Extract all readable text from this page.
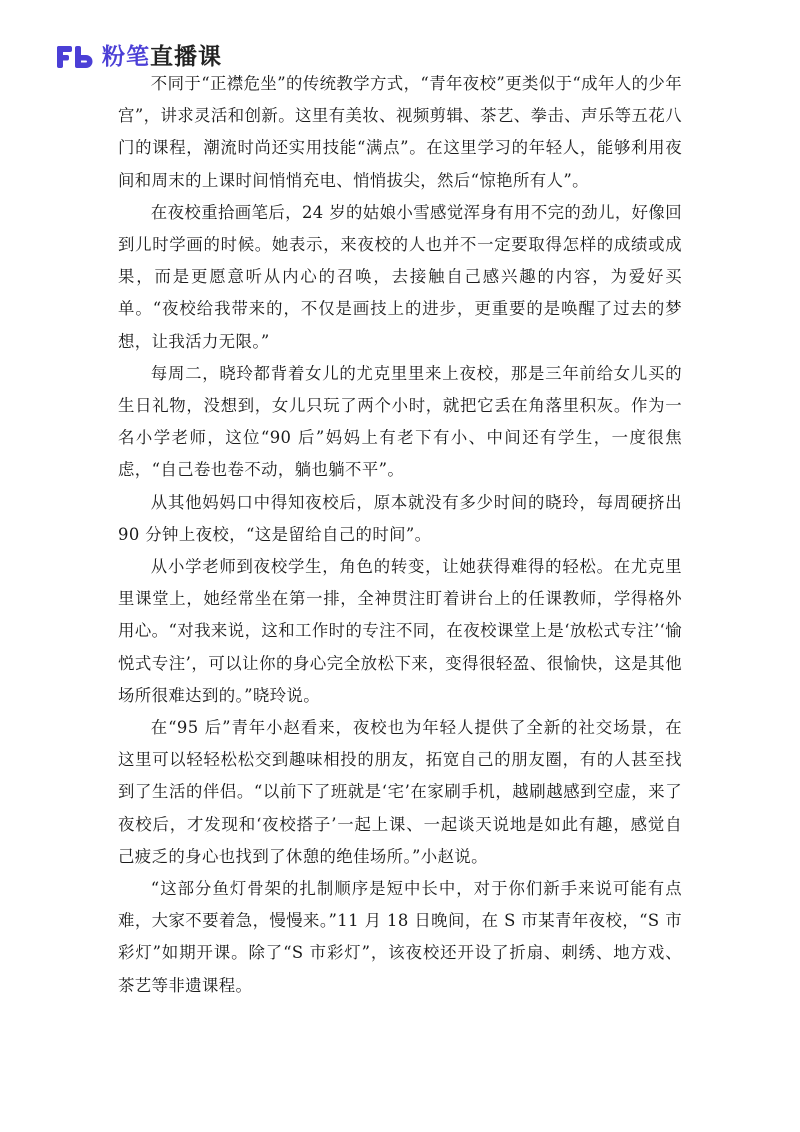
粉笔直播课

不同于“正襟危坐”的传统教学方式，“青年夜校”更类似于“成年人的少年宫”，讲求灵活和创新。这里有美妆、视频剪辑、茶艺、拳击、声乐等五花八门的课程，潮流时尚还实用技能“满点”。在这里学习的年轻人，能够利用夜间和周末的上课时间悄悄充电、悄悄拔尖，然后“惊艳所有人”。

在夜校重拾画笔后，24 岁的姑娘小雪感觉浑身有用不完的劲儿，好像回到儿时学画的时候。她表示，来夜校的人也并不一定要取得怎样的成绩或成果，而是更愿意听从内心的召唤，去接触自己感兴趣的内容，为爱好买单。“夜校给我带来的，不仅是画技上的进步，更重要的是唤醒了过去的梦想，让我活力无限。”

每周二，晓玲都背着女儿的尤克里里来上夜校，那是三年前给女儿买的生日礼物，没想到，女儿只玩了两个小时，就把它丢在角落里积灰。作为一名小学老师，这位“90 后”妈妈上有老下有小、中间还有学生，一度很焦虑，“自己卷也卷不动，躺也躺不平”。

从其他妈妈口中得知夜校后，原本就没有多少时间的晓玲，每周硬挤出 90 分钟上夜校，“这是留给自己的时间”。

从小学老师到夜校学生，角色的转变，让她获得难得的轻松。在尤克里里课堂上，她经常坐在第一排，全神贯注盯着讲台上的任课教师，学得格外用心。“对我来说，这和工作时的专注不同，在夜校课堂上是‘放松式专注’‘愉悦式专注’，可以让你的身心完全放松下来，变得很轻盈、很愉快，这是其他场所很难达到的。”晓玲说。

在“95 后”青年小赵看来，夜校也为年轻人提供了全新的社交场景，在这里可以轻轻松松交到趣味相投的朋友，拓宽自己的朋友圈，有的人甚至找到了生活的伴侣。“以前下了班就是‘宅’在家刷手机，越刷越感到空虚，来了夜校后，才发现和‘夜校搭子’一起上课、一起谈天说地是如此有趣，感觉自己疲乏的身心也找到了休憩的绝佳场所。”小赵说。

“这部分鱼灯骨架的扎制顺序是短中长中，对于你们新手来说可能有点难，大家不要着急，慢慢来。”11 月 18 日晚间，在 S 市某青年夜校，“S 市彩灯”如期开课。除了“S 市彩灯”，该夜校还开设了折扇、刺绣、地方戏、茶艺等非遗课程。
